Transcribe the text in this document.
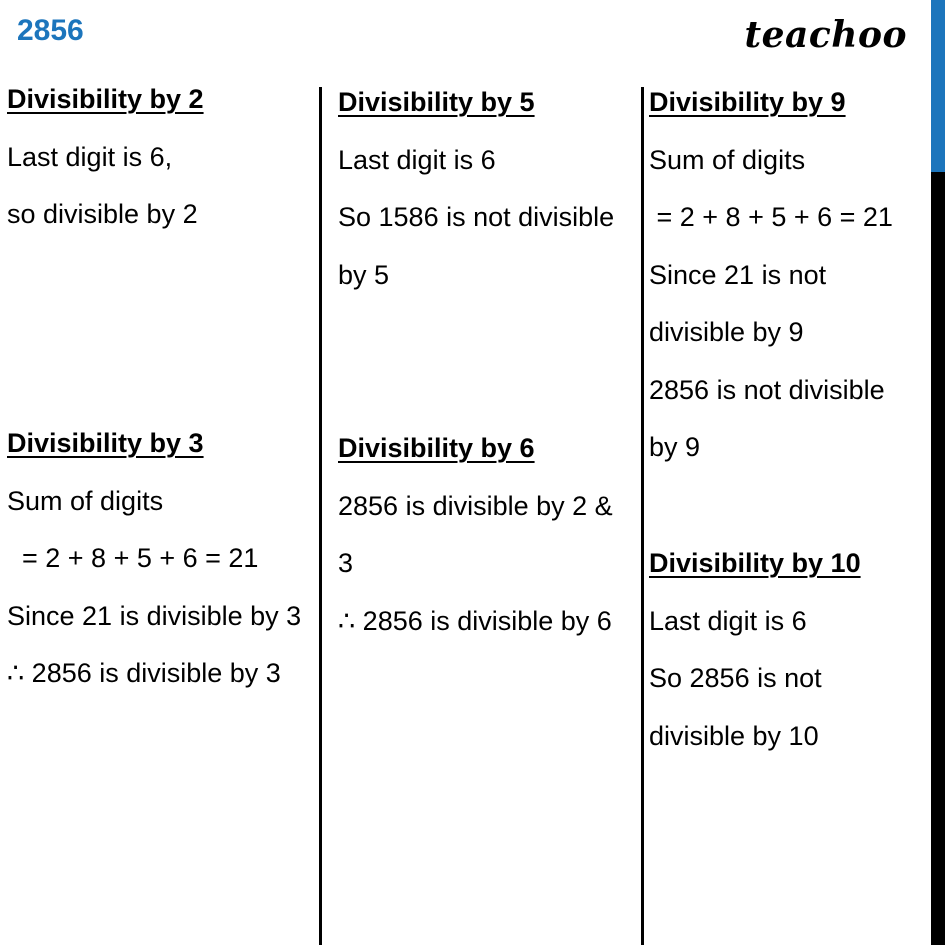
2856	teachoo
Divisibility by 2
Last digit is 6,
so divisible by 2
Divisibility by 3
Sum of digits
= 2 + 8 + 5 + 6 = 21
Since 21 is divisible by 3
∴ 2856 is divisible by 3
Divisibility by 5
Last digit is 6
So 1586 is not divisible
by 5
Divisibility by 6
2856 is divisible by 2 &
3
∴ 2856 is divisible by 6
Divisibility by 9
Sum of digits
= 2 + 8 + 5 + 6 = 21
Since 21 is not
divisible by 9
2856 is not divisible
by 9
Divisibility by 10
Last digit is 6
So 2856 is not
divisible by 10
